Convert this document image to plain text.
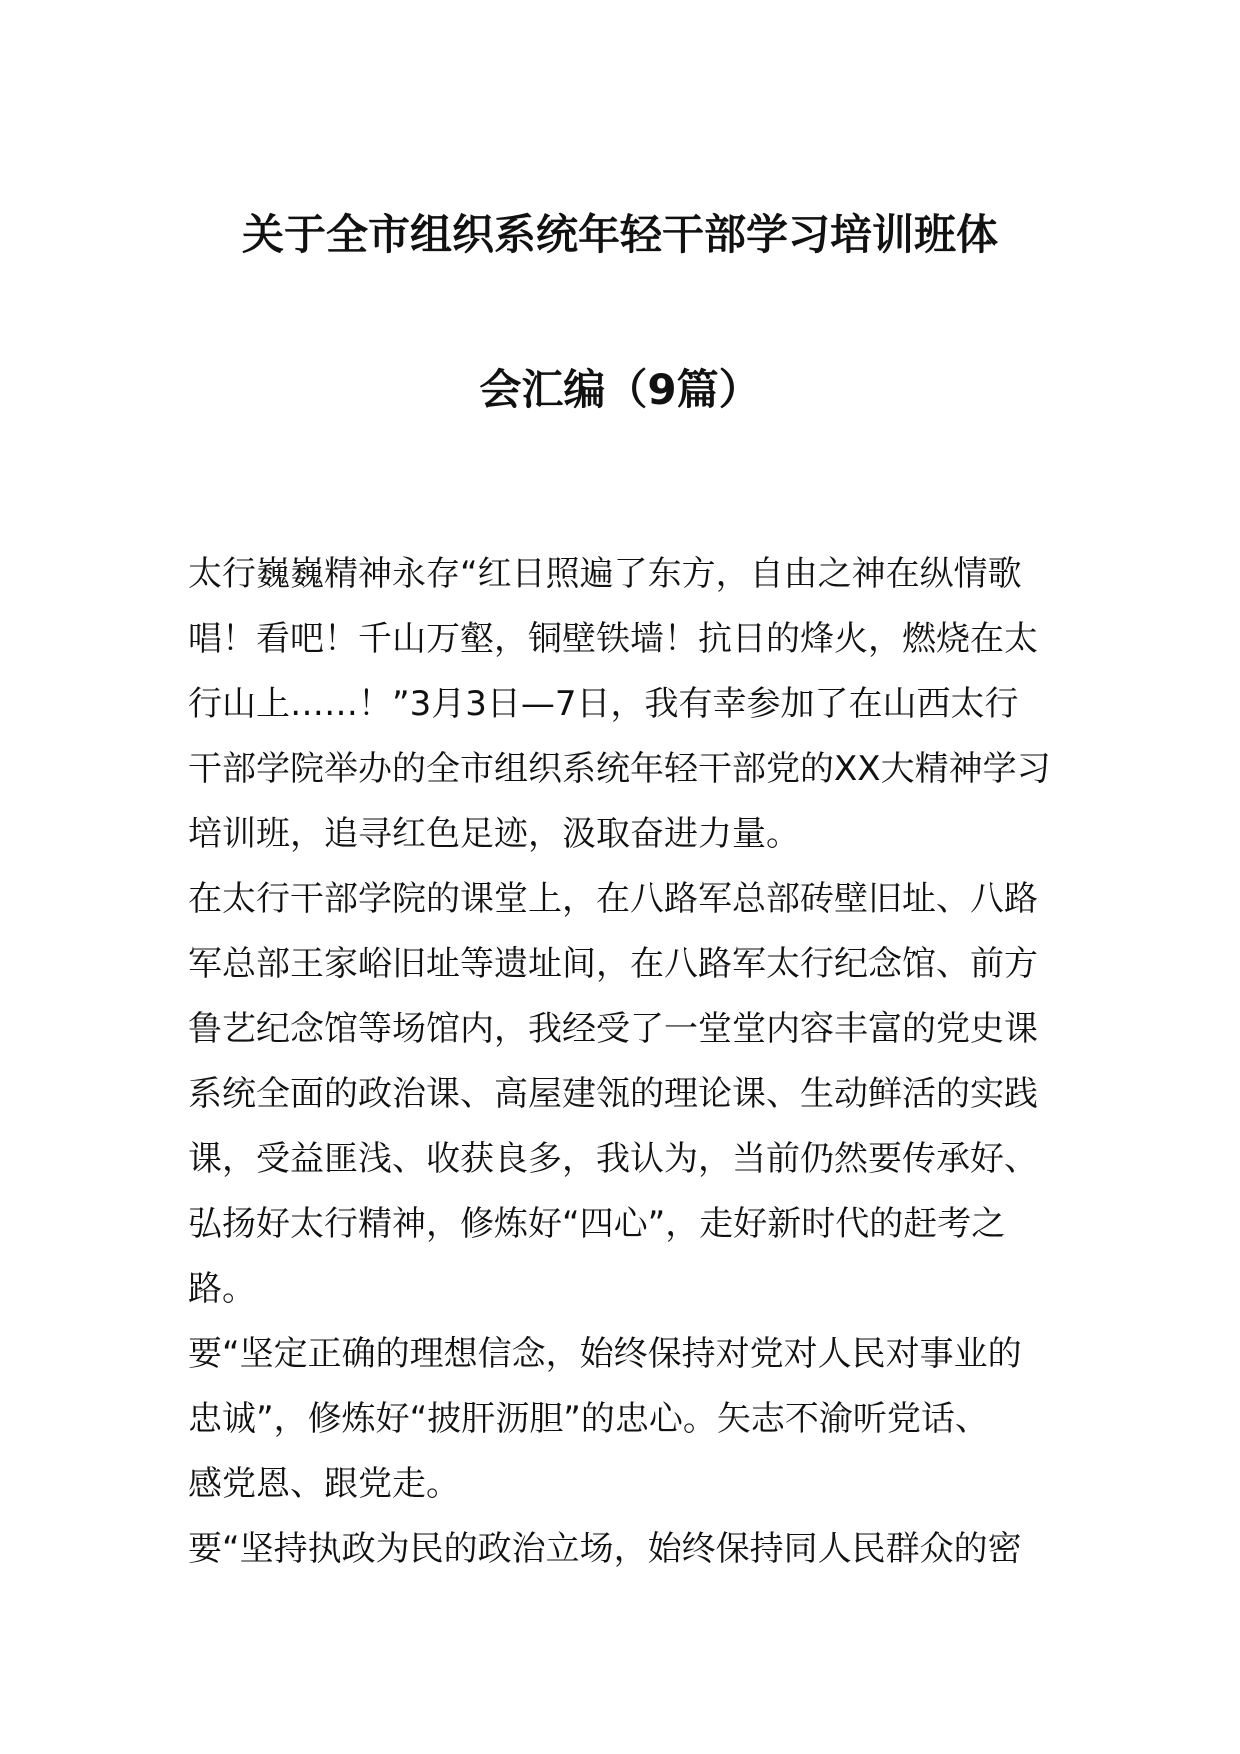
关于全市组织系统年轻干部学习培训班体
会汇编（9篇）
太行巍巍精神永存“红日照遍了东方，自由之神在纵情歌
唱！看吧！千山万壑，铜壁铁墙！抗日的烽火，燃烧在太
行山上……！”3月3日—7日，我有幸参加了在山西太行
干部学院举办的全市组织系统年轻干部党的XX大精神学习
培训班，追寻红色足迹，汲取奋进力量。
在太行干部学院的课堂上，在八路军总部砖壁旧址、八路
军总部王家峪旧址等遗址间，在八路军太行纪念馆、前方
鲁艺纪念馆等场馆内，我经受了一堂堂内容丰富的党史课
系统全面的政治课、高屋建瓴的理论课、生动鲜活的实践
课，受益匪浅、收获良多，我认为，当前仍然要传承好、
弘扬好太行精神，修炼好“四心”，走好新时代的赶考之
路。
要“坚定正确的理想信念，始终保持对党对人民对事业的
忠诚”，修炼好“披肝沥胆”的忠心。矢志不渝听党话、
感党恩、跟党走。
要“坚持执政为民的政治立场，始终保持同人民群众的密
